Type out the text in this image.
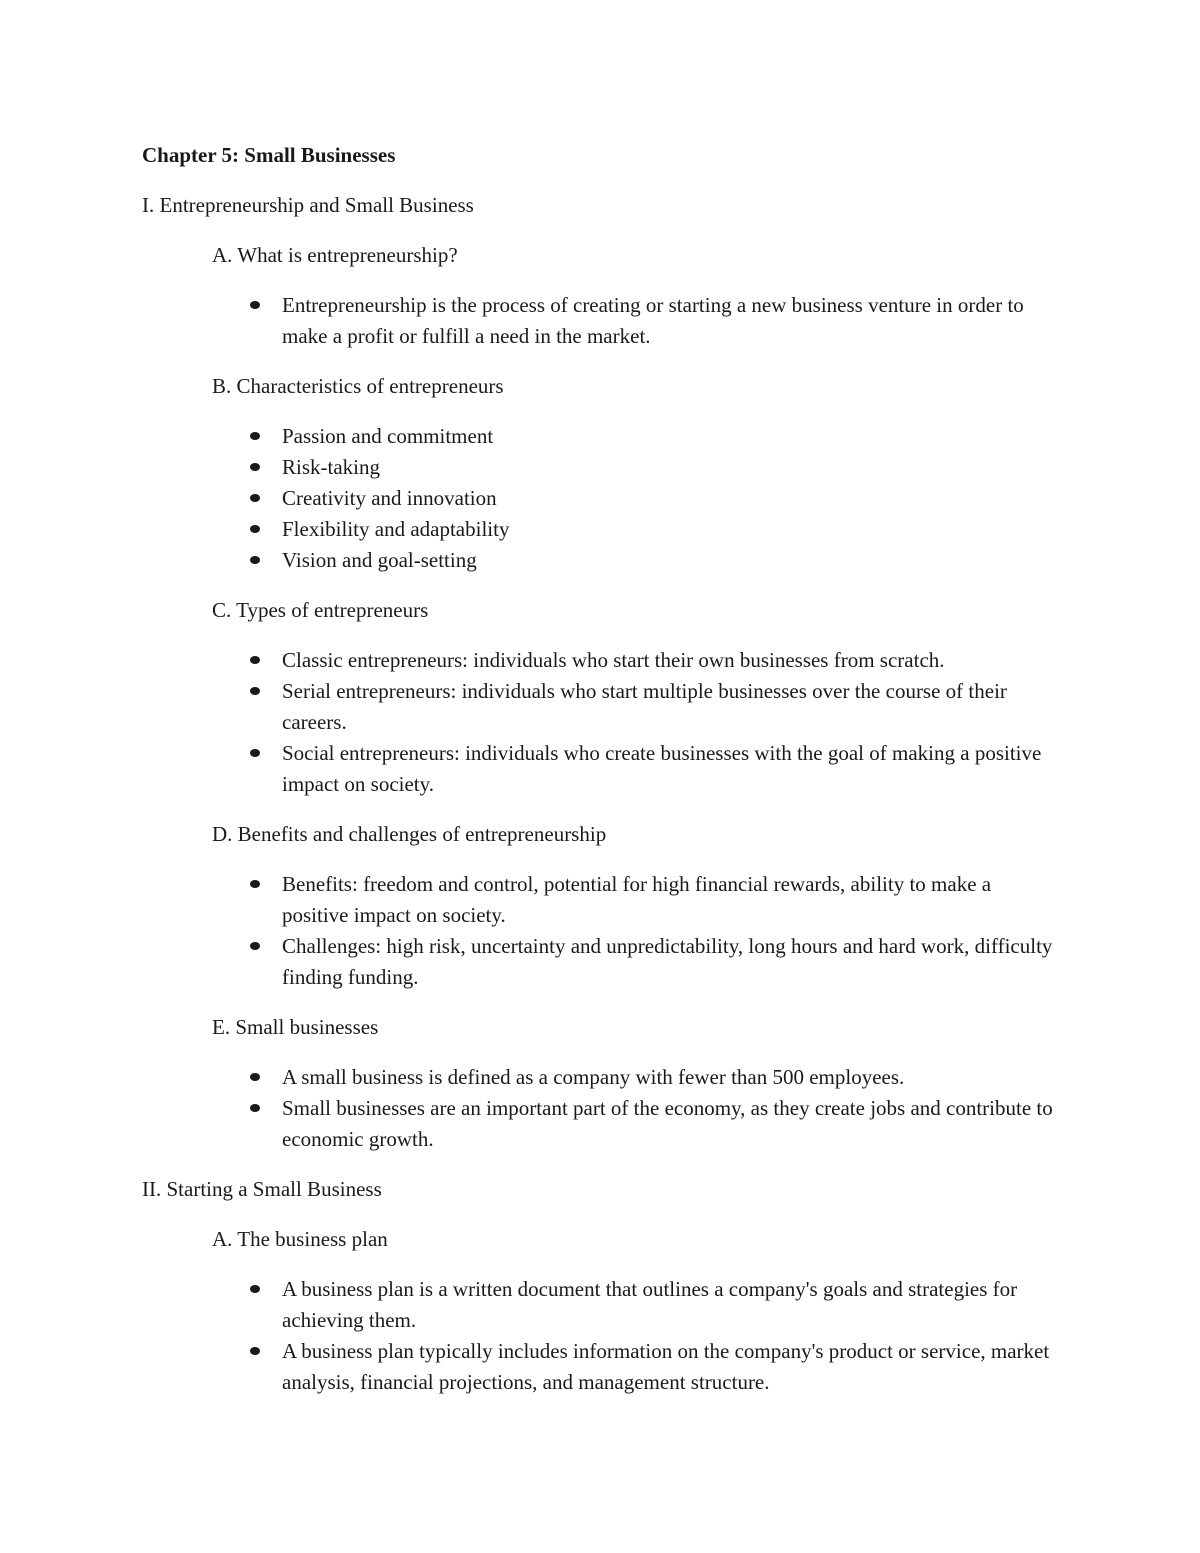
Chapter 5: Small Businesses
I. Entrepreneurship and Small Business
A. What is entrepreneurship?
Entrepreneurship is the process of creating or starting a new business venture in order to make a profit or fulfill a need in the market.
B. Characteristics of entrepreneurs
Passion and commitment
Risk-taking
Creativity and innovation
Flexibility and adaptability
Vision and goal-setting
C. Types of entrepreneurs
Classic entrepreneurs: individuals who start their own businesses from scratch.
Serial entrepreneurs: individuals who start multiple businesses over the course of their careers.
Social entrepreneurs: individuals who create businesses with the goal of making a positive impact on society.
D. Benefits and challenges of entrepreneurship
Benefits: freedom and control, potential for high financial rewards, ability to make a positive impact on society.
Challenges: high risk, uncertainty and unpredictability, long hours and hard work, difficulty finding funding.
E. Small businesses
A small business is defined as a company with fewer than 500 employees.
Small businesses are an important part of the economy, as they create jobs and contribute to economic growth.
II. Starting a Small Business
A. The business plan
A business plan is a written document that outlines a company's goals and strategies for achieving them.
A business plan typically includes information on the company's product or service, market analysis, financial projections, and management structure.
